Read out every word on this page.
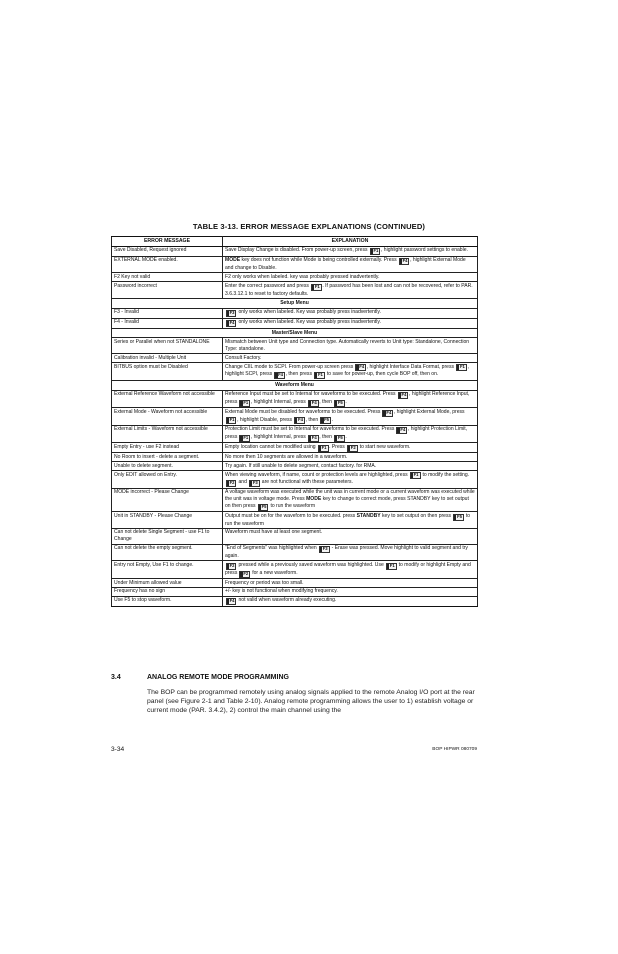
TABLE 3-13. ERROR MESSAGE EXPLANATIONS (CONTINUED)
ERROR MESSAGE	EXPLANATION
Save Disabled, Request ignored	Save Display Change is disabled. From power-up screen, press F1 , highlight password settings to enable.
EXTERNAL MODE enabled.	MODE key does not function while Mode is being controlled externally. Press F4 , highlight External Mode and change to Disable.
F2 Key not valid	F2 only works when labeled. key was probably pressed inadvertently.
Password incorrect	Enter the correct password and press F1 . If password has been lost and can not be recovered, refer to PAR. 3.6.3.12.1 to reset to factory defaults.
Setup Menu	
F3 - Invalid	F3 only works when labeled. Key was probably press inadvertently.
F4 - Invalid	F4 only works when labeled. Key was probably press inadvertently.
Master/Slave Menu	
Series or Parallel when not STANDALONE	Mismatch between Unit type and Connection type. Automatically reverts to Unit type: Standalone, Connection Type: standalone.
Calibration invalid - Multiple Unit	Consult Factory.
BITBUS option must be Disabled	Change CIIL mode to SCPI. From power-up screen press F4 , highlight Interface Data Format, press F1 , highlight SCPI, press F4 , then press F1 to save for power-up, then cycle BOP off, then on.
Waveform Menu	
External Reference Waveform not accessible	Reference Input must be set to Internal for waveforms to be executed. Press F4 , highlight Reference Input, press F1 , highlight Internal, press F4 , then F5 .
External Mode - Waveform not accessible	External Mode must be disabled for waveforms to be executed. Press F4 , highlight External Mode, press F1 , highlight Disable, press F4 , then F5 .
External Limits - Waveform not accessible	Protection Limit must be set to Internal for waveforms to be executed. Press F4 , highlight Protection Limit, press F1 , highlight Internal, press F4 , then F5 .
Empty Entry - use F2 instead	Empty location cannot be modified using F1 . Press F2 to start new waveform.
No Room to insert - delete a segment.	No more then 10 segments are allowed in a waveform.
Unable to delete segment.	Try again. If still unable to delete segment, contact factory. for RMA.
Only EDIT allowed on Entry.	When viewing waveform, if name, count or protection levels are highlighted, press F1 to modify the setting. F2 and F3 are not functional with these parameters.
MODE incorrect - Please Change	A voltage waveform was executed while the unit was in current mode or a current waveform was executed while the unit was in voltage mode. Press MODE key to change to correct mode, press STANDBY key to set output on then press F5 to run the waveform
Unit in STANDBY - Please Change	Output must be on for the waveform to be executed. press STANDBY key to set output on then press F5 to run the waveform
Can not delete Single Segment - use F1 to Change	Waveform must have at least one segment.
Can not delete the empty segment.	“End of Segments” was highlighted when F3 - Erase was pressed. Move highlight to valid segment and try again.
Entry not Empty, Use F1 to change.	F2 pressed while a previously saved waveform was highlighted. Use F1 to modify or highlight Empty and press F2 for a new waveform.
Under Minimum allowed value	Frequency or period was too small.
Frequency has no sign	+/- key is not functional when modifying frequency.
Use F5 to stop waveform.	F4 not valid when waveform already executing.
3.4	ANALOG REMOTE MODE PROGRAMMING
The BOP can be programmed remotely using analog signals applied to the remote Analog I/O port at the rear panel (see Figure 2-1 and Table 2-10). Analog remote programming allows the user to 1) establish voltage or current mode (PAR. 3.4.2), 2) control the main channel using the
3-34	BOP HIPWR 080709
